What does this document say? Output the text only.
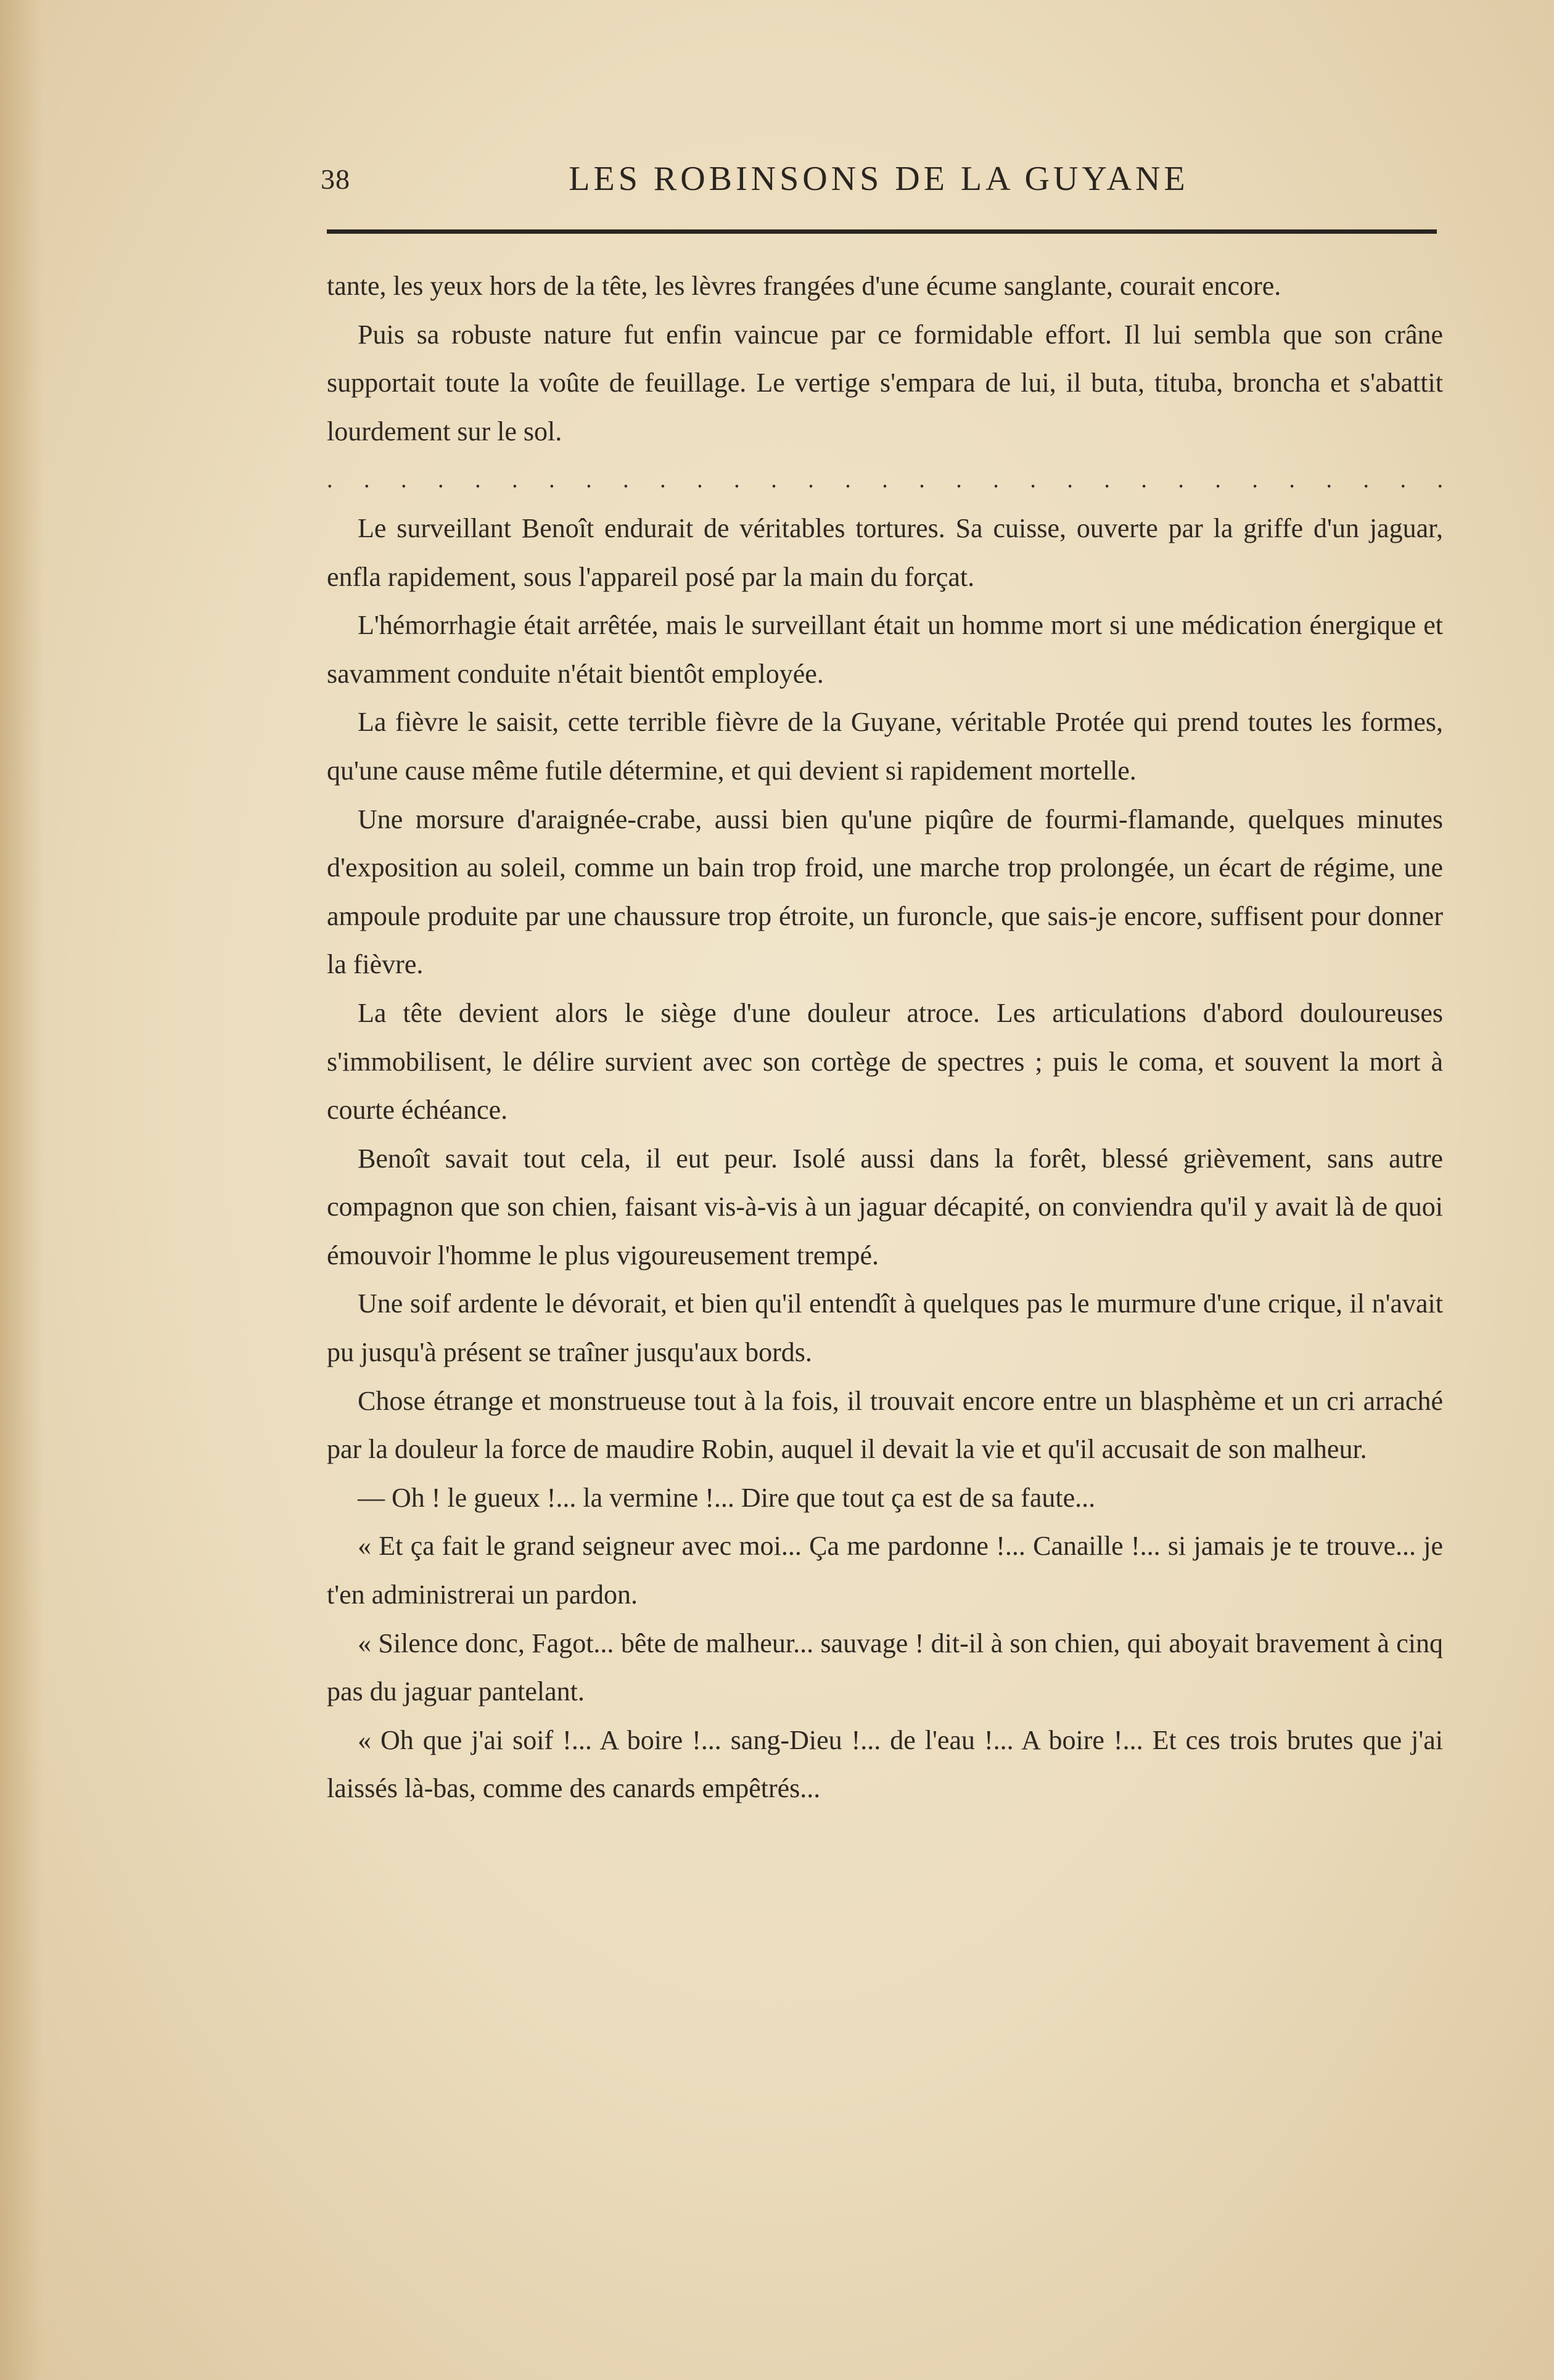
38	LES ROBINSONS DE LA GUYANE

tante, les yeux hors de la tête, les lèvres frangées d'une écume sanglante, courait encore.

Puis sa robuste nature fut enfin vaincue par ce formidable effort. Il lui sembla que son crâne supportait toute la voûte de feuillage. Le vertige s'empara de lui, il buta, tituba, broncha et s'abattit lourdement sur le sol.

. . . . . . . . . . . . . . . . . . . . . . . . . . . . . . .

Le surveillant Benoît endurait de véritables tortures. Sa cuisse, ouverte par la griffe d'un jaguar, enfla rapidement, sous l'appareil posé par la main du forçat.

L'hémorrhagie était arrêtée, mais le surveillant était un homme mort si une médication énergique et savamment conduite n'était bientôt employée.

La fièvre le saisit, cette terrible fièvre de la Guyane, véritable Protée qui prend toutes les formes, qu'une cause même futile détermine, et qui devient si rapidement mortelle.

Une morsure d'araignée-crabe, aussi bien qu'une piqûre de fourmi-flamande, quelques minutes d'exposition au soleil, comme un bain trop froid, une marche trop prolongée, un écart de régime, une ampoule produite par une chaussure trop étroite, un furoncle, que sais-je encore, suffisent pour donner la fièvre.

La tête devient alors le siège d'une douleur atroce. Les articulations d'abord douloureuses s'immobilisent, le délire survient avec son cortège de spectres ; puis le coma, et souvent la mort à courte échéance.

Benoît savait tout cela, il eut peur. Isolé aussi dans la forêt, blessé grièvement, sans autre compagnon que son chien, faisant vis-à-vis à un jaguar décapité, on conviendra qu'il y avait là de quoi émouvoir l'homme le plus vigoureusement trempé.

Une soif ardente le dévorait, et bien qu'il entendît à quelques pas le murmure d'une crique, il n'avait pu jusqu'à présent se traîner jusqu'aux bords.

Chose étrange et monstrueuse tout à la fois, il trouvait encore entre un blasphème et un cri arraché par la douleur la force de maudire Robin, auquel il devait la vie et qu'il accusait de son malheur.

— Oh ! le gueux !... la vermine !... Dire que tout ça est de sa faute...

« Et ça fait le grand seigneur avec moi... Ça me pardonne !... Canaille !... si jamais je te trouve... je t'en administrerai un pardon.

« Silence donc, Fagot... bête de malheur... sauvage ! dit-il à son chien, qui aboyait bravement à cinq pas du jaguar pantelant.

« Oh que j'ai soif !... A boire !... sang-Dieu !... de l'eau !... A boire !... Et ces trois brutes que j'ai laissés là-bas, comme des canards empêtrés...
